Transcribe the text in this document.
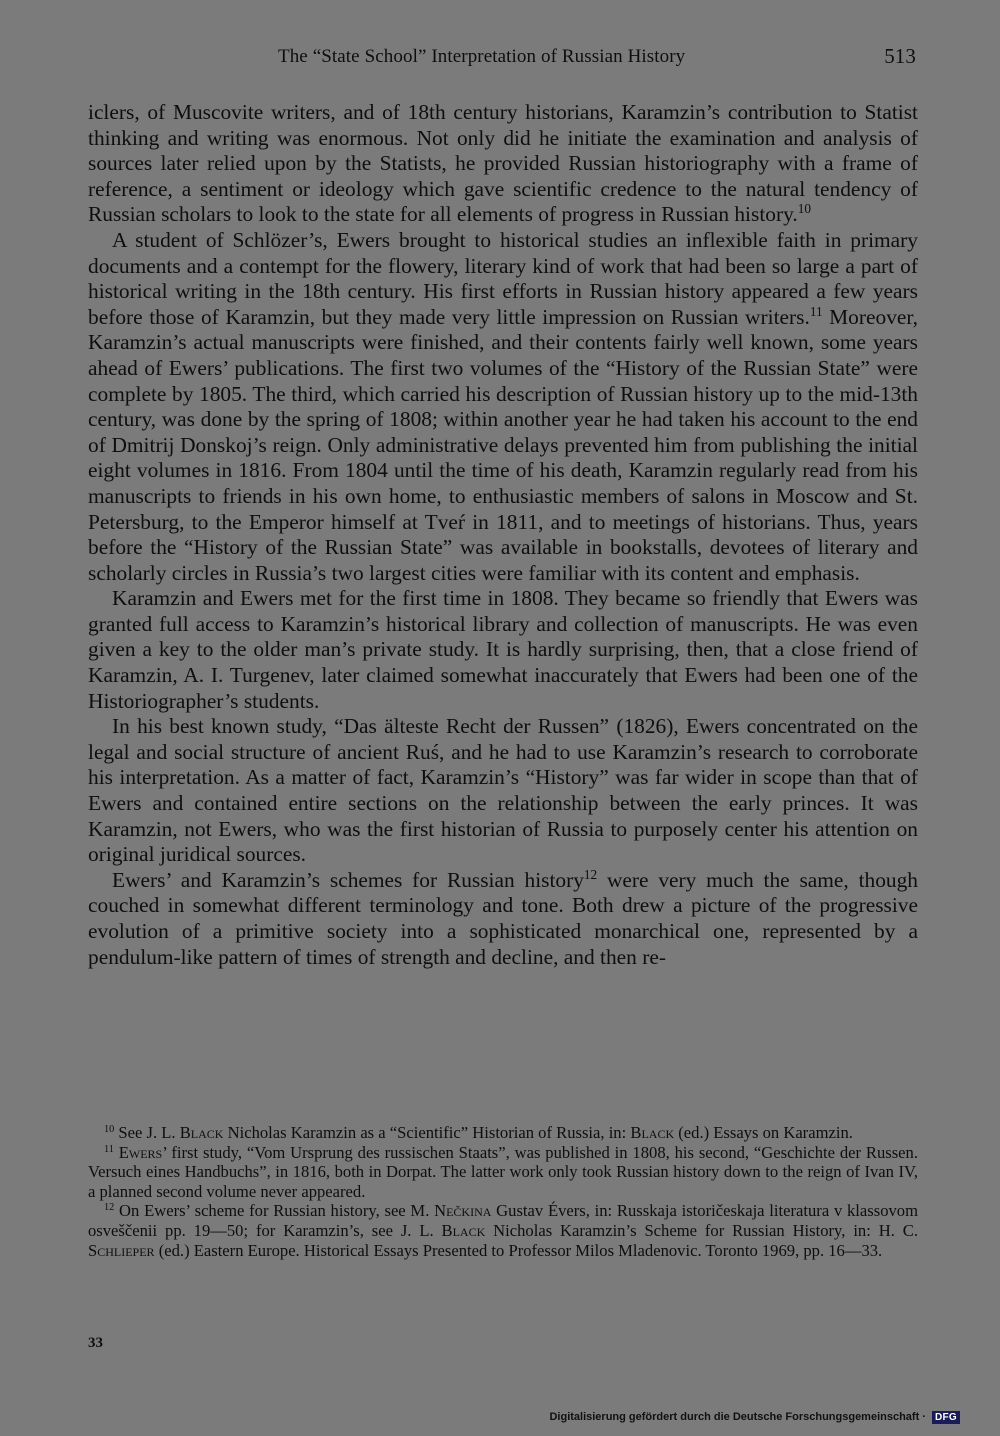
The “State School” Interpretation of Russian History	513

iclers, of Muscovite writers, and of 18th century historians, Karamzin’s contribution to Statist thinking and writing was enormous. Not only did he initiate the examination and analysis of sources later relied upon by the Statists, he provided Russian historiography with a frame of reference, a sentiment or ideology which gave scientific credence to the natural tendency of Russian scholars to look to the state for all elements of progress in Russian history.$^{10}$

A student of Schlözer’s, Ewers brought to historical studies an inflexible faith in primary documents and a contempt for the flowery, literary kind of work that had been so large a part of historical writing in the 18th century. His first efforts in Russian history appeared a few years before those of Karamzin, but they made very little impression on Russian writers.$^{11}$ Moreover, Karamzin’s actual manuscripts were finished, and their contents fairly well known, some years ahead of Ewers’ publications. The first two volumes of the “History of the Russian State” were complete by 1805. The third, which carried his description of Russian history up to the mid-13th century, was done by the spring of 1808; within another year he had taken his account to the end of Dmitrij Donskoj’s reign. Only administrative delays prevented him from publishing the initial eight volumes in 1816. From 1804 until the time of his death, Karamzin regularly read from his manuscripts to friends in his own home, to enthusiastic members of salons in Moscow and St. Petersburg, to the Emperor himself at Tveŕ in 1811, and to meetings of historians. Thus, years before the “History of the Russian State” was available in bookstalls, devotees of literary and scholarly circles in Russia’s two largest cities were familiar with its content and emphasis.

Karamzin and Ewers met for the first time in 1808. They became so friendly that Ewers was granted full access to Karamzin’s historical library and collection of manuscripts. He was even given a key to the older man’s private study. It is hardly surprising, then, that a close friend of Karamzin, A. I. Turgenev, later claimed somewhat inaccurately that Ewers had been one of the Historiographer’s students.

In his best known study, “Das älteste Recht der Russen” (1826), Ewers concentrated on the legal and social structure of ancient Ruś, and he had to use Karamzin’s research to corroborate his interpretation. As a matter of fact, Karamzin’s “History” was far wider in scope than that of Ewers and contained entire sections on the relationship between the early princes. It was Karamzin, not Ewers, who was the first historian of Russia to purposely center his attention on original juridical sources.

Ewers’ and Karamzin’s schemes for Russian history$^{12}$ were very much the same, though couched in somewhat different terminology and tone. Both drew a picture of the progressive evolution of a primitive society into a sophisticated monarchical one, represented by a pendulum-like pattern of times of strength and decline, and then re-

$^{10}$ See J. L. Black Nicholas Karamzin as a “Scientific” Historian of Russia, in: Black (ed.) Essays on Karamzin.

$^{11}$ Ewers’ first study, “Vom Ursprung des russischen Staats”, was published in 1808, his second, “Geschichte der Russen. Versuch eines Handbuchs”, in 1816, both in Dorpat. The latter work only took Russian history down to the reign of Ivan IV, a planned second volume never appeared.

$^{12}$ On Ewers’ scheme for Russian history, see M. Nečkina Gustav Évers, in: Russkaja istoričeskaja literatura v klassovom osveščenii pp. 19—50; for Karamzin’s, see J. L. Black Nicholas Karamzin’s Scheme for Russian History, in: H. C. Schlieper (ed.) Eastern Europe. Historical Essays Presented to Professor Milos Mladenovic. Toronto 1969, pp. 16—33.

33
Digitalisierung gefördert durch die Deutsche Forschungsgemeinschaft · DFG
